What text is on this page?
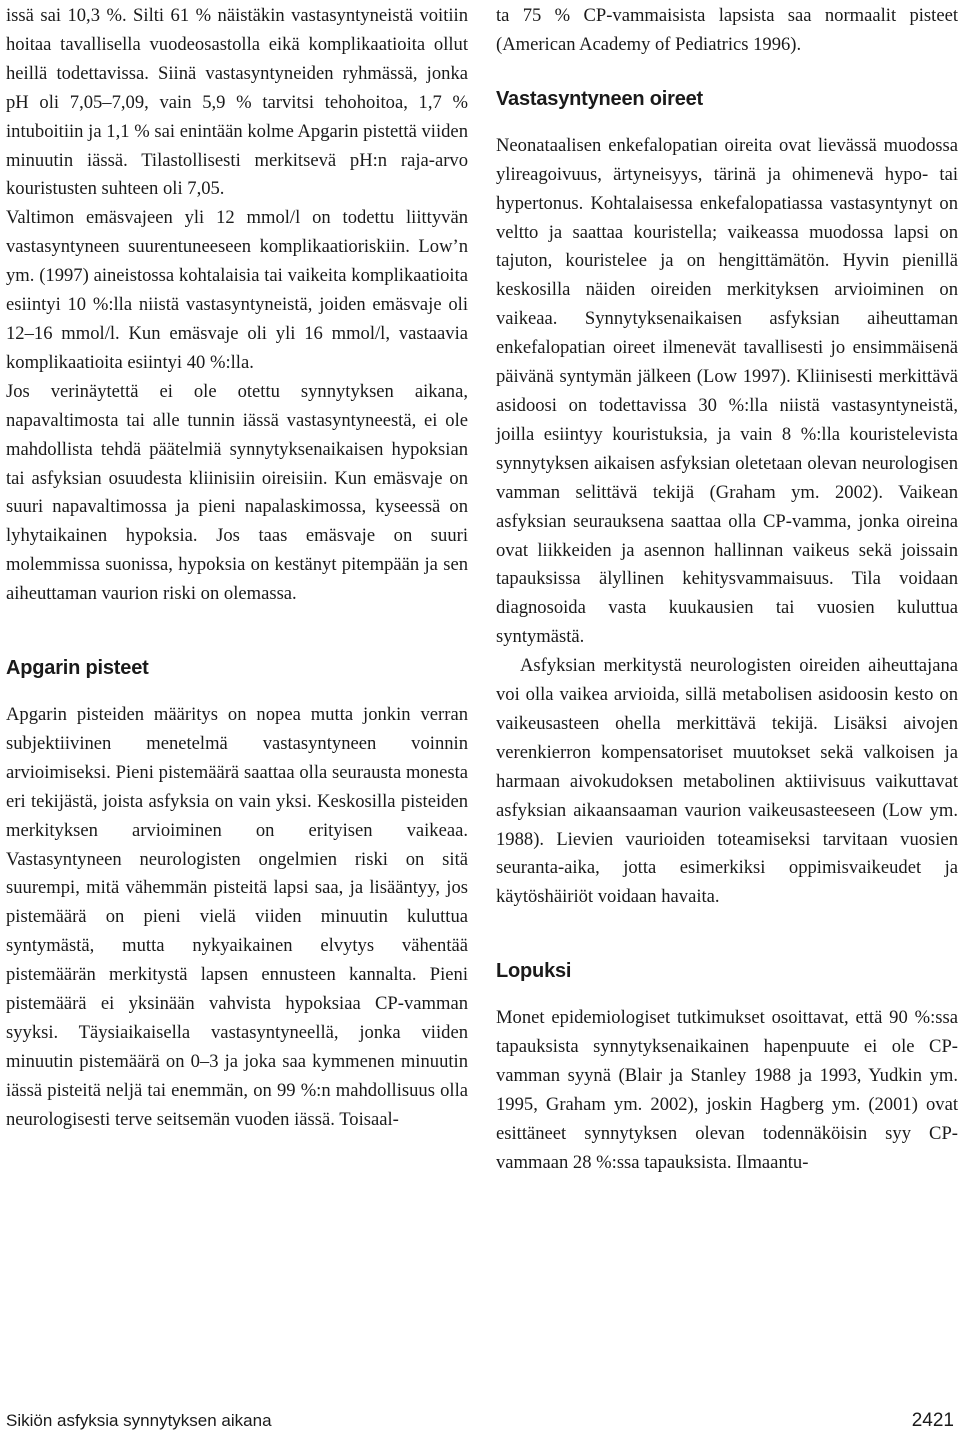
issä sai 10,3 %. Silti 61 % näistäkin vastasyntyneistä voitiin hoitaa tavallisella vuodeosastolla eikä komplikaatioita ollut heillä todettavissa. Siinä vastasyntyneiden ryhmässä, jonka pH oli 7,05–7,09, vain 5,9 % tarvitsi tehohoitoa, 1,7 % intuboitiin ja 1,1 % sai enintään kolme Apgarin pistettä viiden minuutin iässä. Tilastollisesti merkitsevä pH:n raja-arvo kouristusten suhteen oli 7,05.

Valtimon emäsvajeen yli 12 mmol/l on todettu liittyvän vastasyntyneen suurentuneeseen komplikaatioriskiin. Low’n ym. (1997) aineistossa kohtalaisia tai vaikeita komplikaatioita esiintyi 10 %:lla niistä vastasyntyneistä, joiden emäsvaje oli 12–16 mmol/l. Kun emäsvaje oli yli 16 mmol/l, vastaavia komplikaatioita esiintyi 40 %:lla.

Jos verinäytettä ei ole otettu synnytyksen aikana, napavaltimosta tai alle tunnin iässä vastasyntyneestä, ei ole mahdollista tehdä päätelmiä synnytyksenaikaisen hypoksian tai asfyksian osuudesta kliinisiin oireisiin. Kun emäsvaje on suuri napavaltimossa ja pieni napalaskimossa, kyseessä on lyhytaikainen hypoksia. Jos taas emäsvaje on suuri molemmissa suonissa, hypoksia on kestänyt pitempään ja sen aiheuttaman vaurion riski on olemassa.

Apgarin pisteet

Apgarin pisteiden määritys on nopea mutta jonkin verran subjektiivinen menetelmä vastasyntyneen voinnin arvioimiseksi. Pieni pistemäärä saattaa olla seurausta monesta eri tekijästä, joista asfyksia on vain yksi. Keskosilla pisteiden merkityksen arvioiminen on erityisen vaikeaa. Vastasyntyneen neurologisten ongelmien riski on sitä suurempi, mitä vähemmän pisteitä lapsi saa, ja lisääntyy, jos pistemäärä on pieni vielä viiden minuutin kuluttua syntymästä, mutta nykyaikainen elvytys vähentää pistemäärän merkitystä lapsen ennusteen kannalta. Pieni pistemäärä ei yksinään vahvista hypoksiaa CP-vamman syyksi. Täysiaikaisella vastasyntyneellä, jonka viiden minuutin pistemäärä on 0–3 ja joka saa kymmenen minuutin iässä pisteitä neljä tai enemmän, on 99 %:n mahdollisuus olla neurologisesti terve seitsemän vuoden iässä. Toisaal-

ta 75 % CP-vammaisista lapsista saa normaalit pisteet (American Academy of Pediatrics 1996).

Vastasyntyneen oireet

Neonataalisen enkefalopatian oireita ovat lievässä muodossa ylireagoivuus, ärtyneisyys, tärinä ja ohimenevä hypo- tai hypertonus. Kohtalaisessa enkefalopatiassa vastasyntynyt on veltto ja saattaa kouristella; vaikeassa muodossa lapsi on tajuton, kouristelee ja on hengittämätön. Hyvin pienillä keskosilla näiden oireiden merkityksen arvioiminen on vaikeaa. Synnytyksenaikaisen asfyksian aiheuttaman enkefalopatian oireet ilmenevät tavallisesti jo ensimmäisenä päivänä syntymän jälkeen (Low 1997). Kliinisesti merkittävä asidoosi on todettavissa 30 %:lla niistä vastasyntyneistä, joilla esiintyy kouristuksia, ja vain 8 %:lla kouristelevista synnytyksen aikaisen asfyksian oletetaan olevan neurologisen vamman selittävä tekijä (Graham ym. 2002). Vaikean asfyksian seurauksena saattaa olla CP-vamma, jonka oireina ovat liikkeiden ja asennon hallinnan vaikeus sekä joissain tapauksissa älyllinen kehitysvammaisuus. Tila voidaan diagnosoida vasta kuukausien tai vuosien kuluttua syntymästä.

Asfyksian merkitystä neurologisten oireiden aiheuttajana voi olla vaikea arvioida, sillä metabolisen asidoosin kesto on vaikeusasteen ohella merkittävä tekijä. Lisäksi aivojen verenkierron kompensatoriset muutokset sekä valkoisen ja harmaan aivokudoksen metabolinen aktiivisuus vaikuttavat asfyksian aikaansaaman vaurion vaikeusasteeseen (Low ym. 1988). Lievien vaurioiden toteamiseksi tarvitaan vuosien seuranta-aika, jotta esimerkiksi oppimisvaikeudet ja käytöshäiriöt voidaan havaita.

Lopuksi

Monet epidemiologiset tutkimukset osoittavat, että 90 %:ssa tapauksista synnytyksenaikainen hapenpuute ei ole CP-vamman syynä (Blair ja Stanley 1988 ja 1993, Yudkin ym. 1995, Graham ym. 2002), joskin Hagberg ym. (2001) ovat esittäneet synnytyksen olevan todennäköisin syy CP-vammaan 28 %:ssa tapauksista. Ilmaantu-

Sikiön asfyksia synnytyksen aikana	2421
